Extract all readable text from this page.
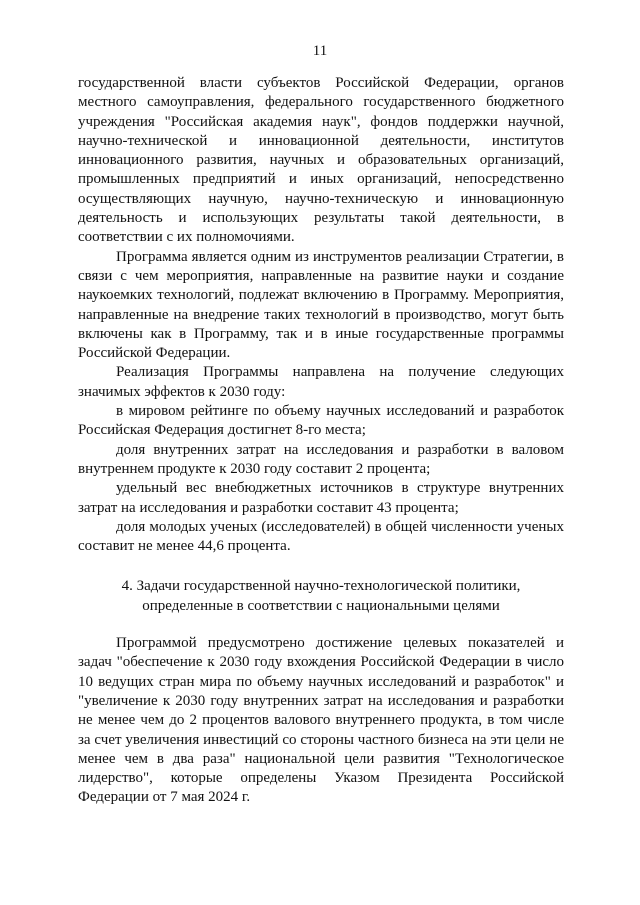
11

государственной власти субъектов Российской Федерации, органов местного самоуправления, федерального государственного бюджетного учреждения "Российская академия наук", фондов поддержки научной, научно-технической и инновационной деятельности, институтов инновационного развития, научных и образовательных организаций, промышленных предприятий и иных организаций, непосредственно осуществляющих научную, научно-техническую и инновационную деятельность и использующих результаты такой деятельности, в соответствии с их полномочиями.

Программа является одним из инструментов реализации Стратегии, в связи с чем мероприятия, направленные на развитие науки и создание наукоемких технологий, подлежат включению в Программу. Мероприятия, направленные на внедрение таких технологий в производство, могут быть включены как в Программу, так и в иные государственные программы Российской Федерации.

Реализация Программы направлена на получение следующих значимых эффектов к 2030 году:

в мировом рейтинге по объему научных исследований и разработок Российская Федерация достигнет 8-го места;

доля внутренних затрат на исследования и разработки в валовом внутреннем продукте к 2030 году составит 2 процента;

удельный вес внебюджетных источников в структуре внутренних затрат на исследования и разработки составит 43 процента;

доля молодых ученых (исследователей) в общей численности ученых составит не менее 44,6 процента.

4. Задачи государственной научно-технологической политики,
определенные в соответствии с национальными целями

Программой предусмотрено достижение целевых показателей и задач "обеспечение к 2030 году вхождения Российской Федерации в число 10 ведущих стран мира по объему научных исследований и разработок" и "увеличение к 2030 году внутренних затрат на исследования и разработки не менее чем до 2 процентов валового внутреннего продукта, в том числе за счет увеличения инвестиций со стороны частного бизнеса на эти цели не менее чем в два раза" национальной цели развития "Технологическое лидерство", которые определены Указом Президента Российской Федерации от 7 мая 2024 г.
